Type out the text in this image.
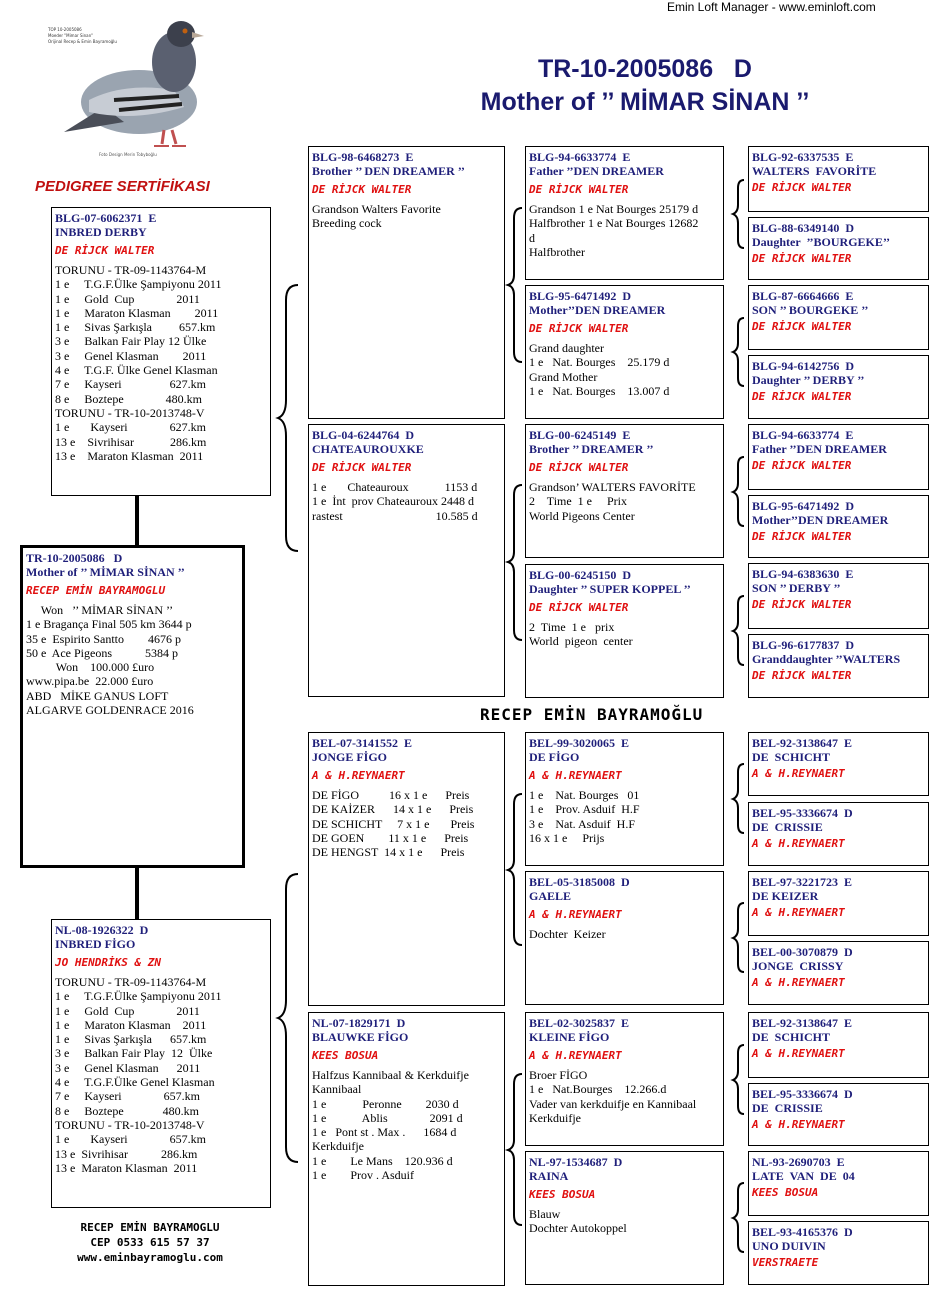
Emin Loft Manager - www.eminloft.com
TOP 10-2005086
Moeder "Mimar Sinan"
Orijinal Recep & Emin Bayramoğlu
Foto Design Merin Tobyboğlu
TR-10-2005086   D
Mother of ’’ MİMAR SİNAN ’’
PEDIGREE SERTİFİKASI
BLG-07-6062371  E
INBRED DERBY
DE RİJCK WALTER
TORUNU - TR-09-1143764-M
1 e     T.G.F.Ülke Şampiyonu 2011
1 e     Gold  Cup              2011
1 e     Maraton Klasman        2011
1 e     Sivas Şarkışla         657.km
3 e     Balkan Fair Play 12 Ülke
3 e     Genel Klasman        2011
4 e     T.G.F. Ülke Genel Klasman
7 e     Kayseri                627.km
8 e     Boztepe              480.km
TORUNU - TR-10-2013748-V
1 e       Kayseri              627.km
13 e    Sivrihisar            286.km
13 e    Maraton Klasman  2011
TR-10-2005086   D
Mother of ’’ MİMAR SİNAN ’’
RECEP EMİN BAYRAMOGLU
Won   ’’ MİMAR SİNAN ’’
1 e Bragança Final 505 km 3644 p
35 e  Espirito Santto        4676 p
50 e  Ace Pigeons           5384 p
Won    100.000 £uro
www.pipa.be  22.000 £uro
ABD   MİKE GANUS LOFT
ALGARVE GOLDENRACE 2016
NL-08-1926322  D
INBRED FİGO
JO HENDRİKS & ZN
TORUNU - TR-09-1143764-M
1 e     T.G.F.Ülke Şampiyonu 2011
1 e     Gold  Cup              2011
1 e     Maraton Klasman    2011
1 e     Sivas Şarkışla      657.km
3 e     Balkan Fair Play  12  Ülke
3 e     Genel Klasman      2011
4 e     T.G.F.Ülke Genel Klasman
7 e     Kayseri              657.km
8 e     Boztepe             480.km
TORUNU - TR-10-2013748-V
1 e       Kayseri              657.km
13 e  Sivrihisar           286.km
13 e  Maraton Klasman  2011
RECEP EMİN BAYRAMOGLU
CEP 0533 615 57 37
www.eminbayramoglu.com
RECEP EMİN BAYRAMOĞLU
BLG-98-6468273  E
Brother ’’ DEN DREAMER ’’
DE RİJCK WALTER
Grandson Walters Favorite
Breeding cock
BLG-04-6244764  D
CHATEAUROUXKE
DE RİJCK WALTER
1 e       Chateauroux            1153 d
1 e  İnt  prov Chateauroux 2448 d
rastest                               10.585 d
BEL-07-3141552  E
JONGE FİGO
A & H.REYNAERT
DE FİGO          16 x 1 e      Preis
DE KAİZER      14 x 1 e      Preis
DE SCHICHT     7 x 1 e       Preis
DE GOEN        11 x 1 e      Preis
DE HENGST  14 x 1 e      Preis
NL-07-1829171  D
BLAUWKE FİGO
KEES BOSUA
Halfzus Kannibaal & Kerkduifje
Kannibaal
1 e            Peronne        2030 d
1 e            Ablis              2091 d
1 e   Pont st . Max .      1684 d
Kerkduifje
1 e        Le Mans    120.936 d
1 e        Prov . Asduif
BLG-94-6633774  E
Father ’’DEN DREAMER
DE RİJCK WALTER
Grandson 1 e Nat Bourges 25179 d
Halfbrother 1 e Nat Bourges 12682
d
Halfbrother
BLG-95-6471492  D
Mother’’DEN DREAMER
DE RİJCK WALTER
Grand daughter
1 e   Nat. Bourges    25.179 d
Grand Mother
1 e   Nat. Bourges    13.007 d
BLG-00-6245149  E
Brother ’’ DREAMER ’’
DE RİJCK WALTER
Grandson’ WALTERS FAVORİTE
2    Time  1 e     Prix
World Pigeons Center
BLG-00-6245150  D
Daughter ’’ SUPER KOPPEL ’’
DE RİJCK WALTER
2  Time  1 e   prix
World  pigeon  center
BEL-99-3020065  E
DE FİGO
A & H.REYNAERT
1 e    Nat. Bourges   01
1 e    Prov. Asduif  H.F
3 e    Nat. Asduif  H.F
16 x 1 e     Prijs
BEL-05-3185008  D
GAELE
A & H.REYNAERT
Dochter  Keizer
BEL-02-3025837  E
KLEINE FİGO
A & H.REYNAERT
Broer FİGO
1 e   Nat.Bourges    12.266.d
Vader van kerkduifje en Kannibaal
Kerkduifje
NL-97-1534687  D
RAINA
KEES BOSUA
Blauw
Dochter Autokoppel
BLG-92-6337535  E
WALTERS  FAVORİTE
DE RİJCK WALTER
BLG-88-6349140  D
Daughter  ’’BOURGEKE’’
DE RİJCK WALTER
BLG-87-6664666  E
SON ’’ BOURGEKE ’’
DE RİJCK WALTER
BLG-94-6142756  D
Daughter ’’ DERBY ’’
DE RİJCK WALTER
BLG-94-6633774  E
Father ’’DEN DREAMER
DE RİJCK WALTER
BLG-95-6471492  D
Mother’’DEN DREAMER
DE RİJCK WALTER
BLG-94-6383630  E
SON ’’ DERBY ’’
DE RİJCK WALTER
BLG-96-6177837  D
Granddaughter ’’WALTERS
DE RİJCK WALTER
BEL-92-3138647  E
DE  SCHICHT
A & H.REYNAERT
BEL-95-3336674  D
DE  CRISSIE
A & H.REYNAERT
BEL-97-3221723  E
DE KEIZER
A & H.REYNAERT
BEL-00-3070879  D
JONGE  CRISSY
A & H.REYNAERT
BEL-92-3138647  E
DE  SCHICHT
A & H.REYNAERT
BEL-95-3336674  D
DE  CRISSIE
A & H.REYNAERT
NL-93-2690703  E
LATE  VAN  DE  04
KEES BOSUA
BEL-93-4165376  D
UNO DUIVIN
VERSTRAETE
